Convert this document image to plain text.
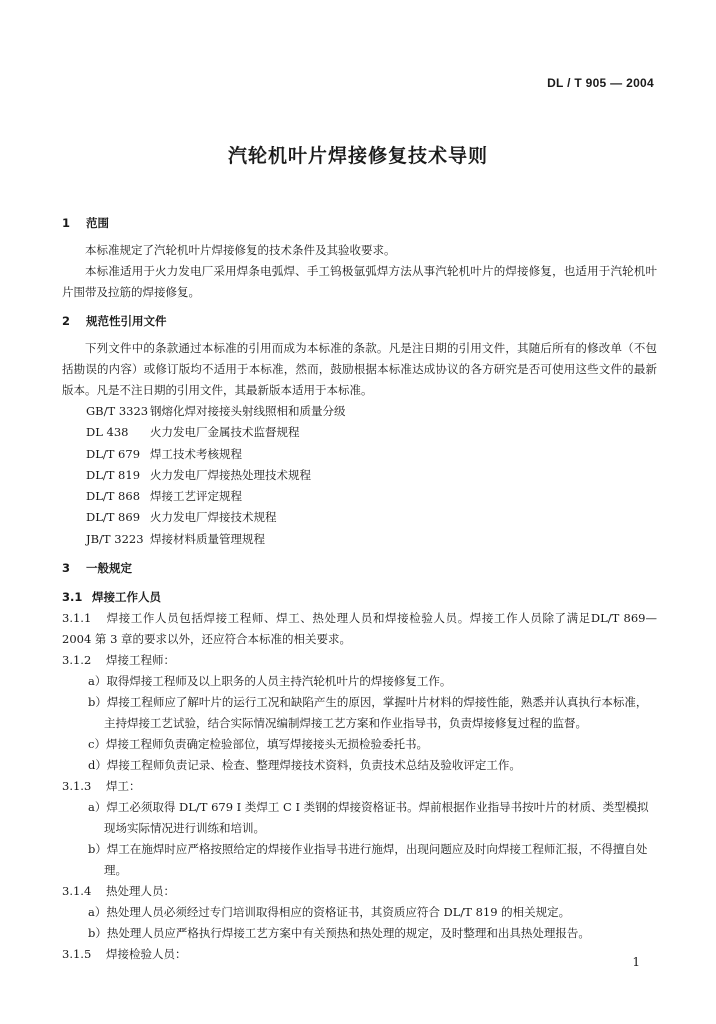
DL / T 905 — 2004
汽轮机叶片焊接修复技术导则
1 范围

本标准规定了汽轮机叶片焊接修复的技术条件及其验收要求。

本标准适用于火力发电厂采用焊条电弧焊、手工钨极氩弧焊方法从事汽轮机叶片的焊接修复，也适用于汽轮机叶片围带及拉筋的焊接修复。

2 规范性引用文件

下列文件中的条款通过本标准的引用而成为本标准的条款。凡是注日期的引用文件，其随后所有的修改单（不包括勘误的内容）或修订版均不适用于本标准，然而，鼓励根据本标准达成协议的各方研究是否可使用这些文件的最新版本。凡是不注日期的引用文件，其最新版本适用于本标准。

GB/T 3323 钢熔化焊对接接头射线照相和质量分级

DL 438 火力发电厂金属技术监督规程

DL/T 679 焊工技术考核规程

DL/T 819 火力发电厂焊接热处理技术规程

DL/T 868 焊接工艺评定规程

DL/T 869 火力发电厂焊接技术规程

JB/T 3223 焊接材料质量管理规程

3 一般规定
3.1 焊接工作人员

3.1.1 焊接工作人员包括焊接工程师、焊工、热处理人员和焊接检验人员。焊接工作人员除了满足DL/T 869—2004 第 3 章的要求以外，还应符合本标准的相关要求。

3.1.2 焊接工程师：

a）取得焊接工程师及以上职务的人员主持汽轮机叶片的焊接修复工作。

b）焊接工程师应了解叶片的运行工况和缺陷产生的原因，掌握叶片材料的焊接性能，熟悉并认真执行本标准，主持焊接工艺试验，结合实际情况编制焊接工艺方案和作业指导书，负责焊接修复过程的监督。

c）焊接工程师负责确定检验部位，填写焊接接头无损检验委托书。

d）焊接工程师负责记录、检查、整理焊接技术资料，负责技术总结及验收评定工作。

3.1.3 焊工：

a）焊工必须取得 DL/T 679 I 类焊工 C I 类钢的焊接资格证书。焊前根据作业指导书按叶片的材质、类型模拟现场实际情况进行训练和培训。

b）焊工在施焊时应严格按照给定的焊接作业指导书进行施焊，出现问题应及时向焊接工程师汇报，不得擅自处理。

3.1.4 热处理人员：

a）热处理人员必须经过专门培训取得相应的资格证书，其资质应符合 DL/T 819 的相关规定。

b）热处理人员应严格执行焊接工艺方案中有关预热和热处理的规定，及时整理和出具热处理报告。

3.1.5 焊接检验人员：
1
